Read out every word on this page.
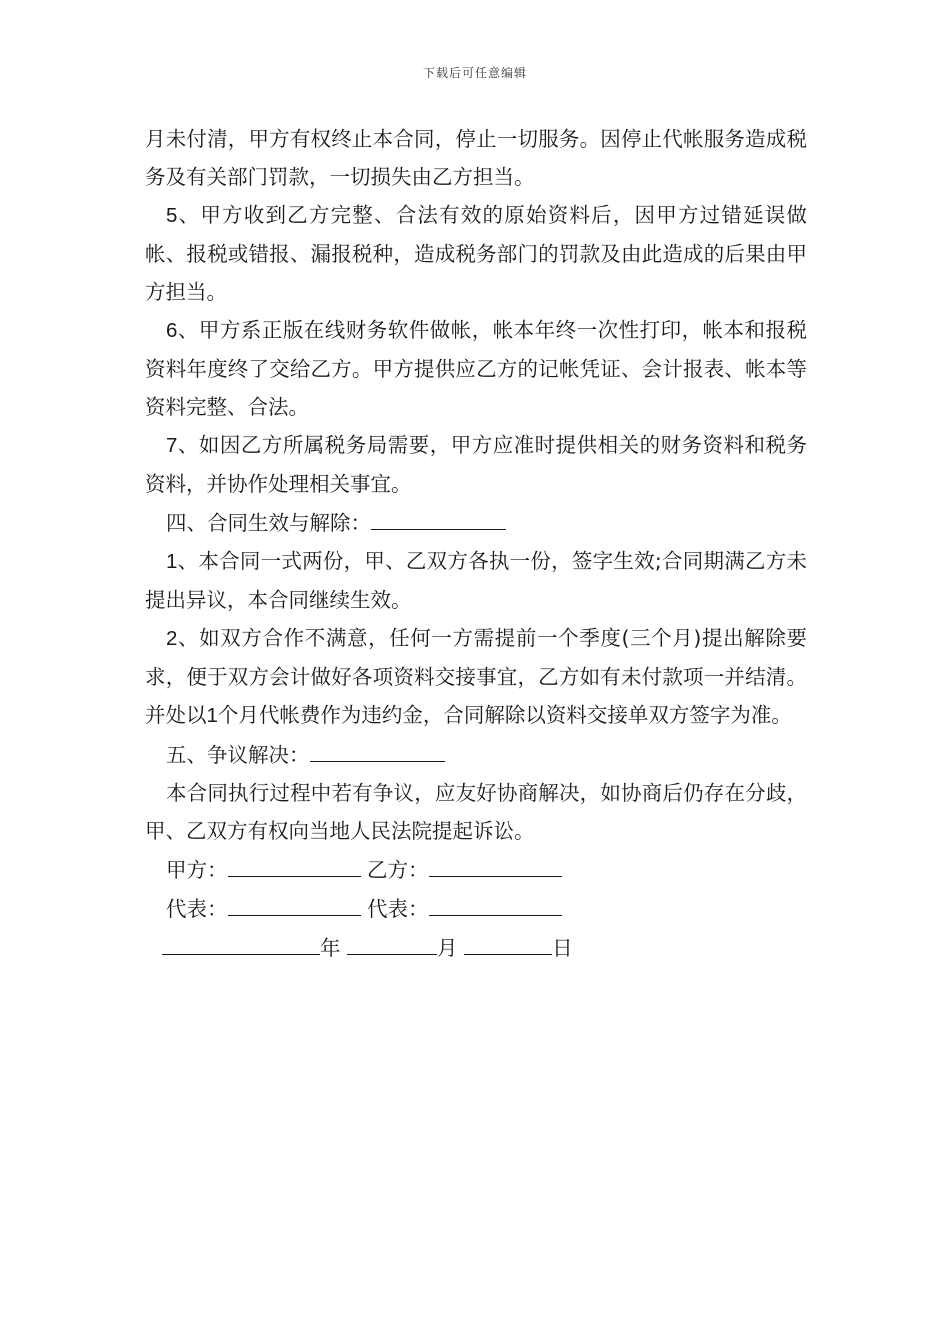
下载后可任意编辑

月未付清，甲方有权终止本合同，停止一切服务。因停止代帐服务造成税务及有关部门罚款，一切损失由乙方担当。

5、甲方收到乙方完整、合法有效的原始资料后，因甲方过错延误做帐、报税或错报、漏报税种，造成税务部门的罚款及由此造成的后果由甲方担当。

6、甲方系正版在线财务软件做帐，帐本年终一次性打印，帐本和报税资料年度终了交给乙方。甲方提供应乙方的记帐凭证、会计报表、帐本等资料完整、合法。

7、如因乙方所属税务局需要，甲方应准时提供相关的财务资料和税务资料，并协作处理相关事宜。

四、合同生效与解除：

1、本合同一式两份，甲、乙双方各执一份，签字生效;合同期满乙方未提出异议，本合同继续生效。

2、如双方合作不满意，任何一方需提前一个季度(三个月)提出解除要求，便于双方会计做好各项资料交接事宜，乙方如有未付款项一并结清。并处以1个月代帐费作为违约金，合同解除以资料交接单双方签字为准。

五、争议解决：

本合同执行过程中若有争议，应友好协商解决，如协商后仍存在分歧，甲、乙双方有权向当地人民法院提起诉讼。

甲方：	乙方：

代表：	代表：

年	月	日
